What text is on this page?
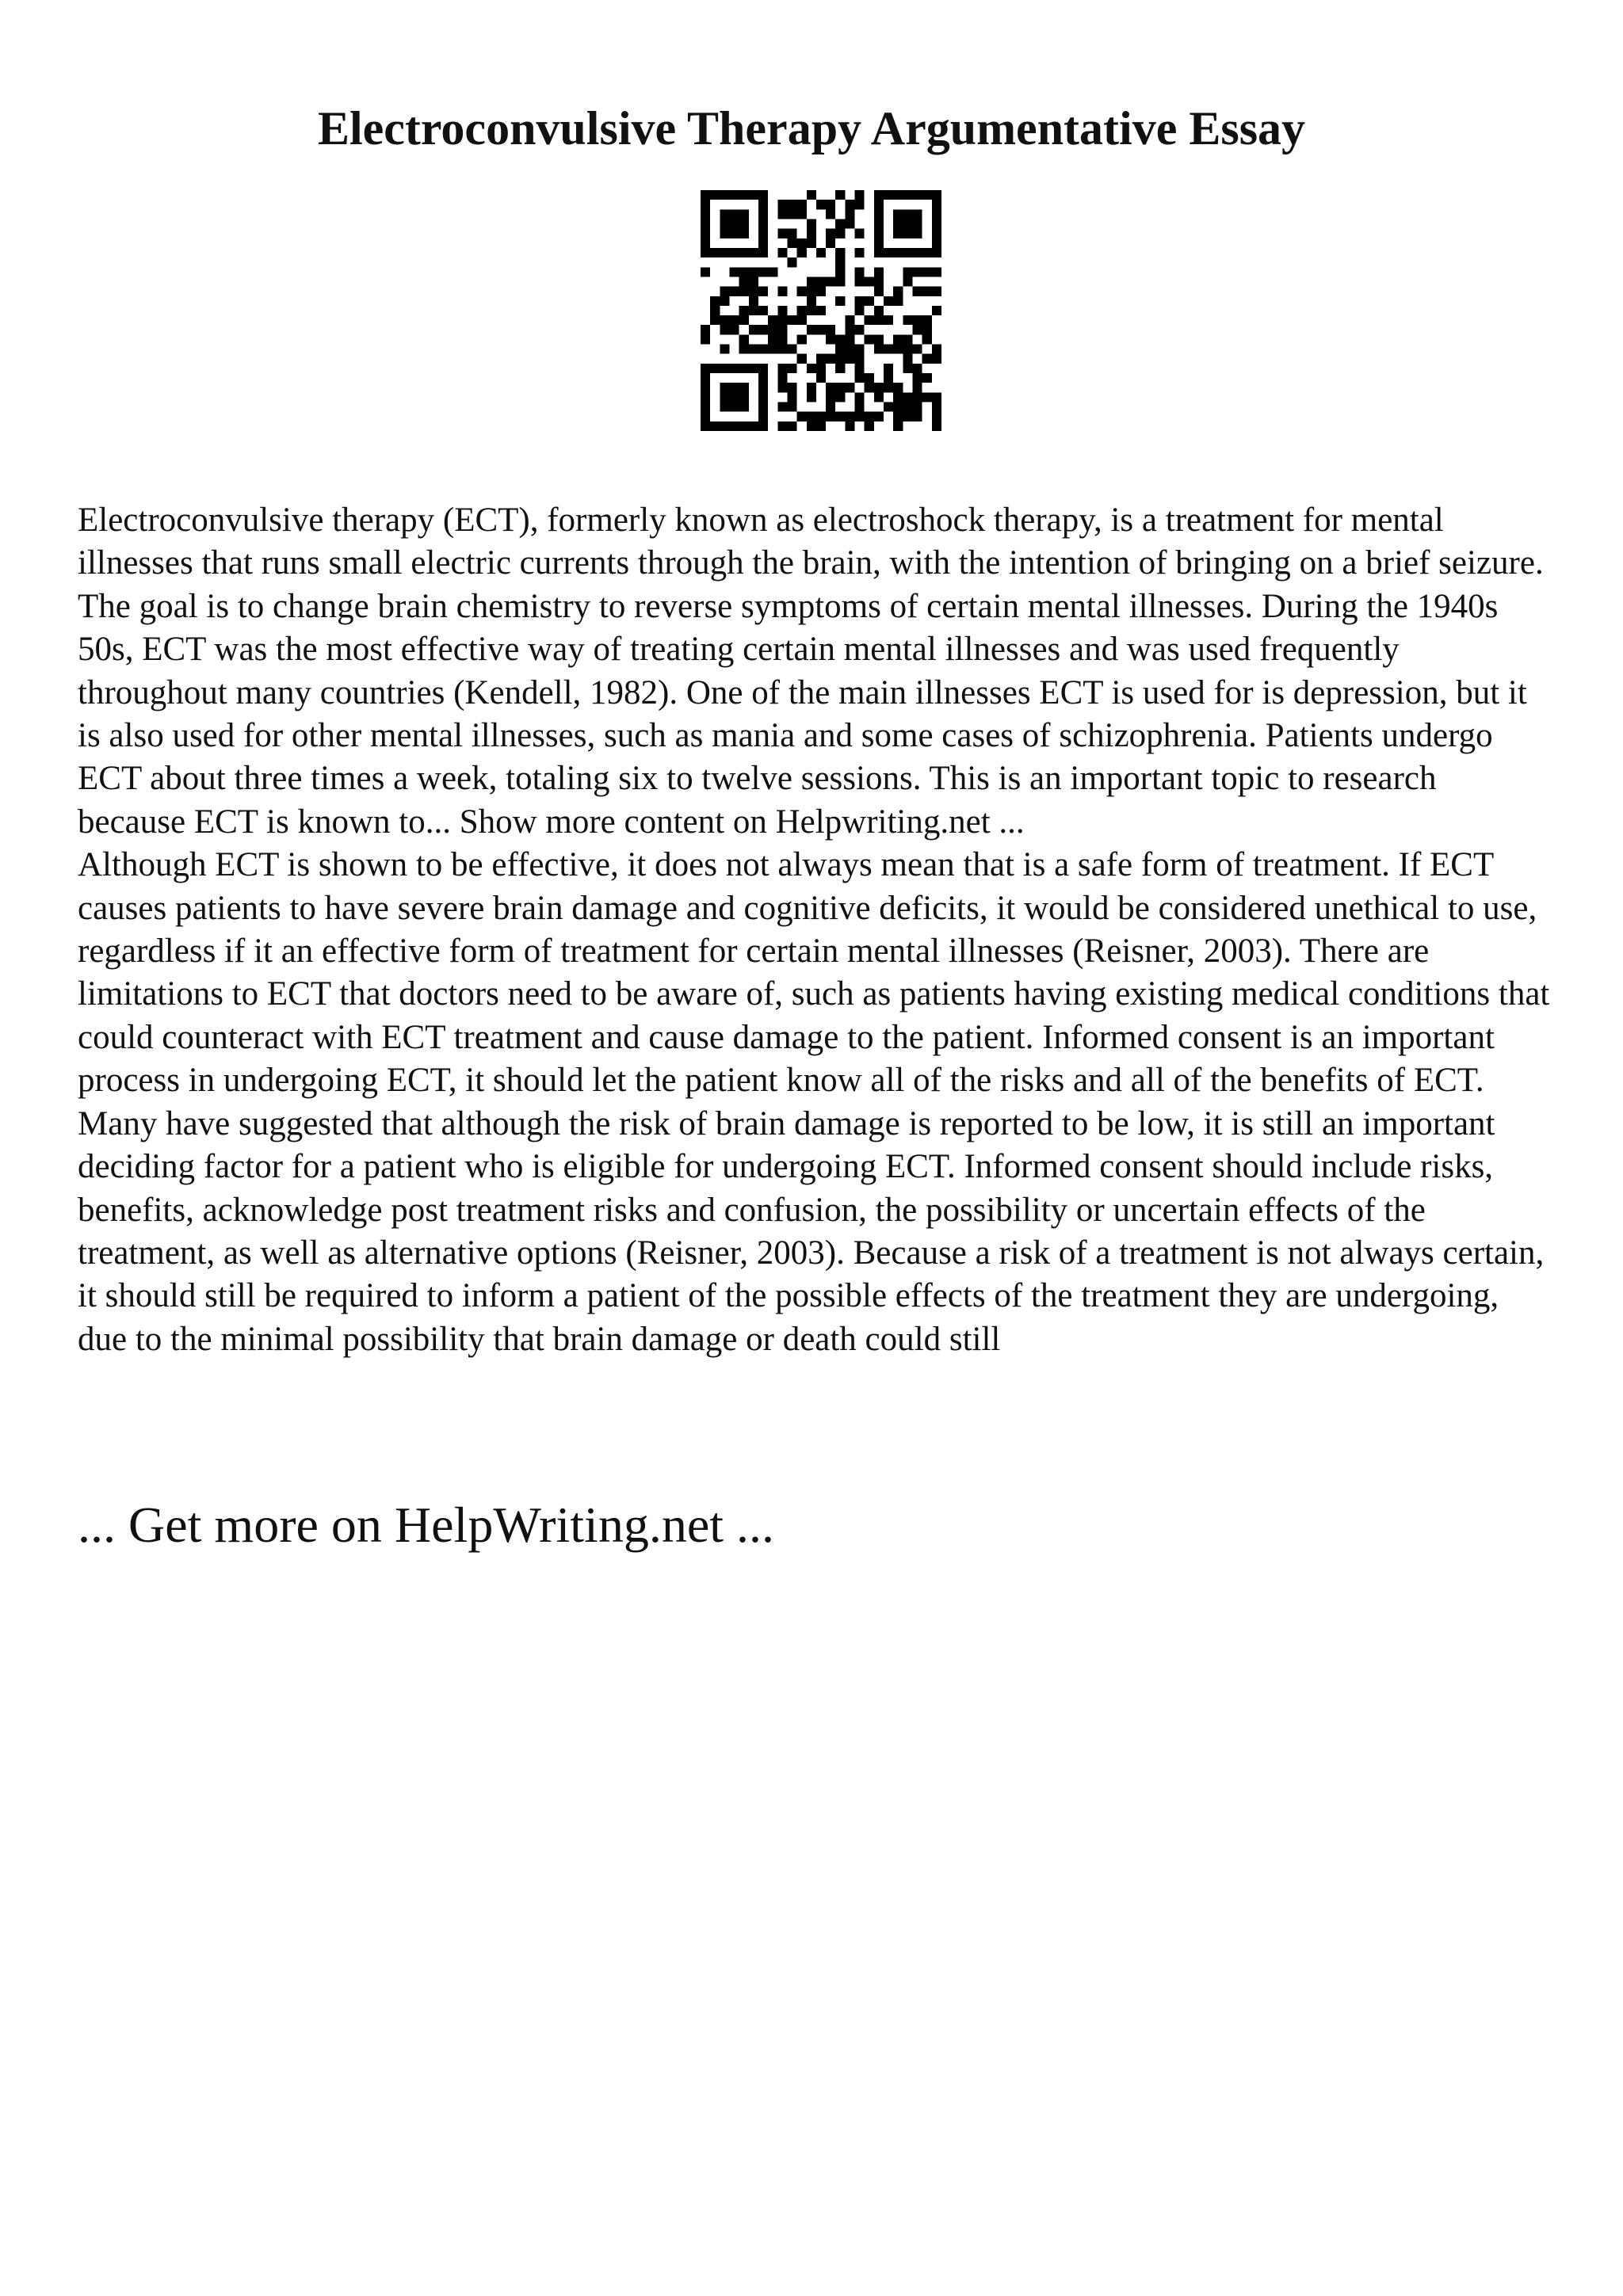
Electroconvulsive Therapy Argumentative Essay

Electroconvulsive therapy (ECT), formerly known as electroshock therapy, is a treatment for mental illnesses that runs small electric currents through the brain, with the intention of bringing on a brief seizure. The goal is to change brain chemistry to reverse symptoms of certain mental illnesses. During the 1940s 50s, ECT was the most effective way of treating certain mental illnesses and was used frequently throughout many countries (Kendell, 1982). One of the main illnesses ECT is used for is depression, but it is also used for other mental illnesses, such as mania and some cases of schizophrenia. Patients undergo ECT about three times a week, totaling six to twelve sessions. This is an important topic to research because ECT is known to... Show more content on Helpwriting.net ...

Although ECT is shown to be effective, it does not always mean that is a safe form of treatment. If ECT causes patients to have severe brain damage and cognitive deficits, it would be considered unethical to use, regardless if it an effective form of treatment for certain mental illnesses (Reisner, 2003). There are limitations to ECT that doctors need to be aware of, such as patients having existing medical conditions that could counteract with ECT treatment and cause damage to the patient. Informed consent is an important process in undergoing ECT, it should let the patient know all of the risks and all of the benefits of ECT. Many have suggested that although the risk of brain damage is reported to be low, it is still an important deciding factor for a patient who is eligible for undergoing ECT. Informed consent should include risks, benefits, acknowledge post treatment risks and confusion, the possibility or uncertain effects of the treatment, as well as alternative options (Reisner, 2003). Because a risk of a treatment is not always certain, it should still be required to inform a patient of the possible effects of the treatment they are undergoing, due to the minimal possibility that brain damage or death could still

... Get more on HelpWriting.net ...
